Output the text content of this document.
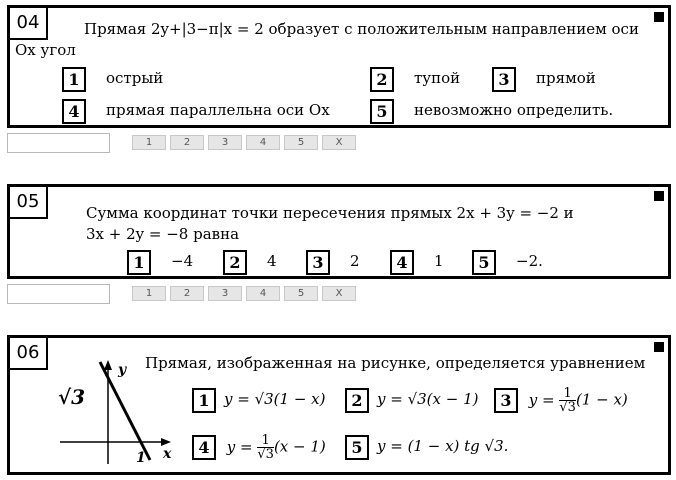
04	Прямая 2y+|3−π|x = 2 образует с положительным направлением оси
Ox угол
1 острый	2 тупой	3 прямой
4 прямая параллельна оси Ox	5 невозможно определить.
1	2	3	4	5	X
05
Сумма координат точки пересечения прямых 2x + 3y = −2 и
3x + 2y = −8 равна
1 −4	2 4	3 2	4 1	5 −2.
1	2	3	4	5	X
06	Прямая, изображенная на рисунке, определяется уравнением
√3
y
x
1
1 y = √3(1 − x)	2 y = √3(x − 1)	3 $y = \frac{1}{√3} (1 - x)$
4 $y = \frac{1}{√3} (x - 1)$	5 y = (1 − x) tg √3.
